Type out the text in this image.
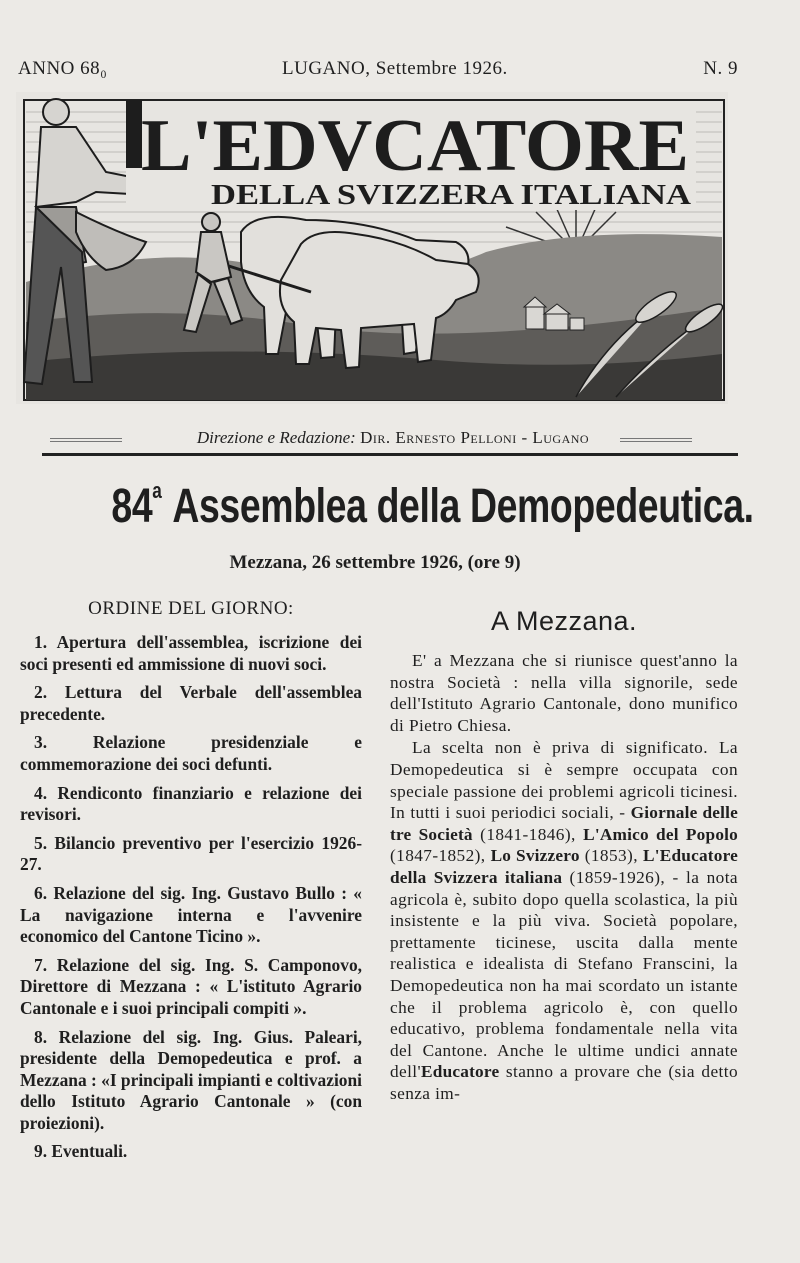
ANNO 68₀	LUGANO, Settembre 1926.	N. 9
L'EDVCATORE
DELLA SVIZZERA ITALIANA
Direzione e Redazione: Dir. Ernesto Pelloni - Lugano
84$^a$ Assemblea della Demopedeutica.
Mezzana, 26 settembre 1926, (ore 9)
ORDINE DEL GIORNO:
1. Apertura dell'assemblea, iscrizione dei soci presenti ed ammissione di nuovi soci.
2. Lettura del Verbale dell'assemblea precedente.
3. Relazione presidenziale e commemorazione dei soci defunti.
4. Rendiconto finanziario e relazione dei revisori.
5. Bilancio preventivo per l'esercizio 1926-27.
6. Relazione del sig. Ing. Gustavo Bullo : « La navigazione interna e l'avvenire economico del Cantone Ticino ».
7. Relazione del sig. Ing. S. Camponovo, Direttore di Mezzana : « L'istituto Agrario Cantonale e i suoi principali compiti ».
8. Relazione del sig. Ing. Gius. Paleari, presidente della Demopedeutica e prof. a Mezzana : «I principali impianti e coltivazioni dello Istituto Agrario Cantonale » (con proiezioni).
9. Eventuali.
A Mezzana.

E' a Mezzana che si riunisce quest'anno la nostra Società : nella villa signorile, sede dell'Istituto Agrario Cantonale, dono munifico di Pietro Chiesa.

La scelta non è priva di significato. La Demopedeutica si è sempre occupata con speciale passione dei problemi agricoli ticinesi. In tutti i suoi periodici sociali, - Giornale delle tre Società (1841-1846), L'Amico del Popolo (1847-1852), Lo Svizzero (1853), L'Educatore della Svizzera italiana (1859-1926), - la nota agricola è, subito dopo quella scolastica, la più insistente e la più viva. Società popolare, prettamente ticinese, uscita dalla mente realistica e idealista di Stefano Franscini, la Demopedeutica non ha mai scordato un istante che il problema agricolo è, con quello educativo, problema fondamentale nella vita del Cantone. Anche le ultime undici annate dell'Educatore stanno a provare che (sia detto senza im-
